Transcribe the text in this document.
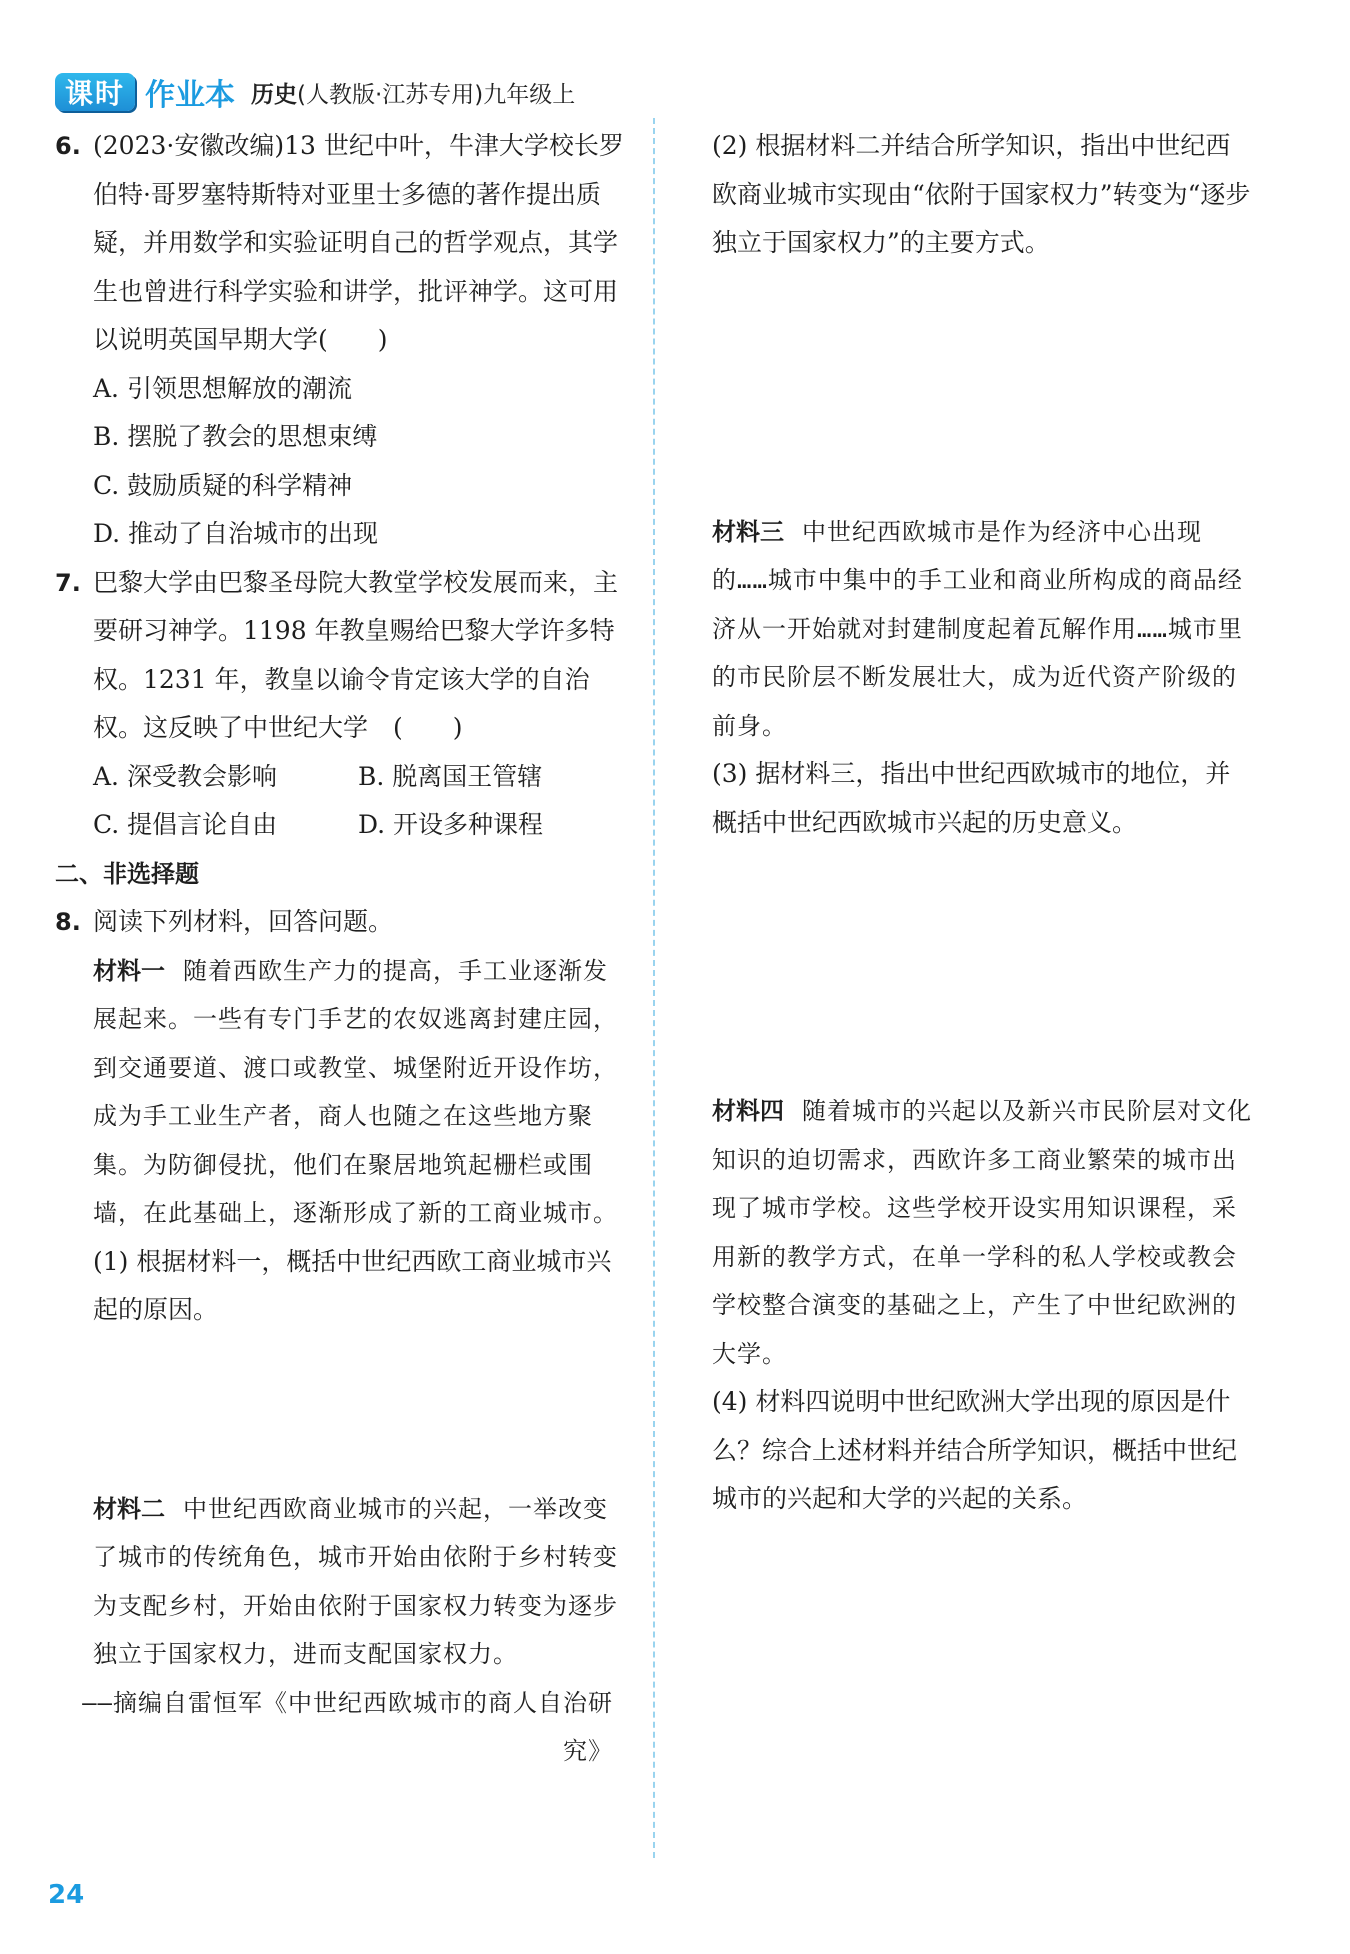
课时 作业本 历史(人教版·江苏专用)九年级上
6. (2023·安徽改编)13 世纪中叶，牛津大学校长罗伯特·哥罗塞特斯特对亚里士多德的著作提出质疑，并用数学和实验证明自己的哲学观点，其学生也曾进行科学实验和讲学，批评神学。这可用以说明英国早期大学(　　)
A. 引领思想解放的潮流
B. 摆脱了教会的思想束缚
C. 鼓励质疑的科学精神
D. 推动了自治城市的出现
7. 巴黎大学由巴黎圣母院大教堂学校发展而来，主要研习神学。1198 年教皇赐给巴黎大学许多特权。1231 年，教皇以谕令肯定该大学的自治权。这反映了中世纪大学　(　　)
A. 深受教会影响	B. 脱离国王管辖
C. 提倡言论自由	D. 开设多种课程
二、非选择题
8. 阅读下列材料，回答问题。
材料一 随着西欧生产力的提高，手工业逐渐发展起来。一些有专门手艺的农奴逃离封建庄园，到交通要道、渡口或教堂、城堡附近开设作坊，成为手工业生产者，商人也随之在这些地方聚集。为防御侵扰，他们在聚居地筑起栅栏或围墙，在此基础上，逐渐形成了新的工商业城市。
(1) 根据材料一，概括中世纪西欧工商业城市兴起的原因。
材料二 中世纪西欧商业城市的兴起，一举改变了城市的传统角色，城市开始由依附于乡村转变为支配乡村，开始由依附于国家权力转变为逐步独立于国家权力，进而支配国家权力。
——摘编自雷恒军《中世纪西欧城市的商人自治研究》
(2) 根据材料二并结合所学知识，指出中世纪西欧商业城市实现由“依附于国家权力”转变为“逐步独立于国家权力”的主要方式。
材料三 中世纪西欧城市是作为经济中心出现的……城市中集中的手工业和商业所构成的商品经济从一开始就对封建制度起着瓦解作用……城市里的市民阶层不断发展壮大，成为近代资产阶级的前身。
(3) 据材料三，指出中世纪西欧城市的地位，并概括中世纪西欧城市兴起的历史意义。
材料四 随着城市的兴起以及新兴市民阶层对文化知识的迫切需求，西欧许多工商业繁荣的城市出现了城市学校。这些学校开设实用知识课程，采用新的教学方式，在单一学科的私人学校或教会学校整合演变的基础之上，产生了中世纪欧洲的大学。
(4) 材料四说明中世纪欧洲大学出现的原因是什么？综合上述材料并结合所学知识，概括中世纪城市的兴起和大学的兴起的关系。
24
